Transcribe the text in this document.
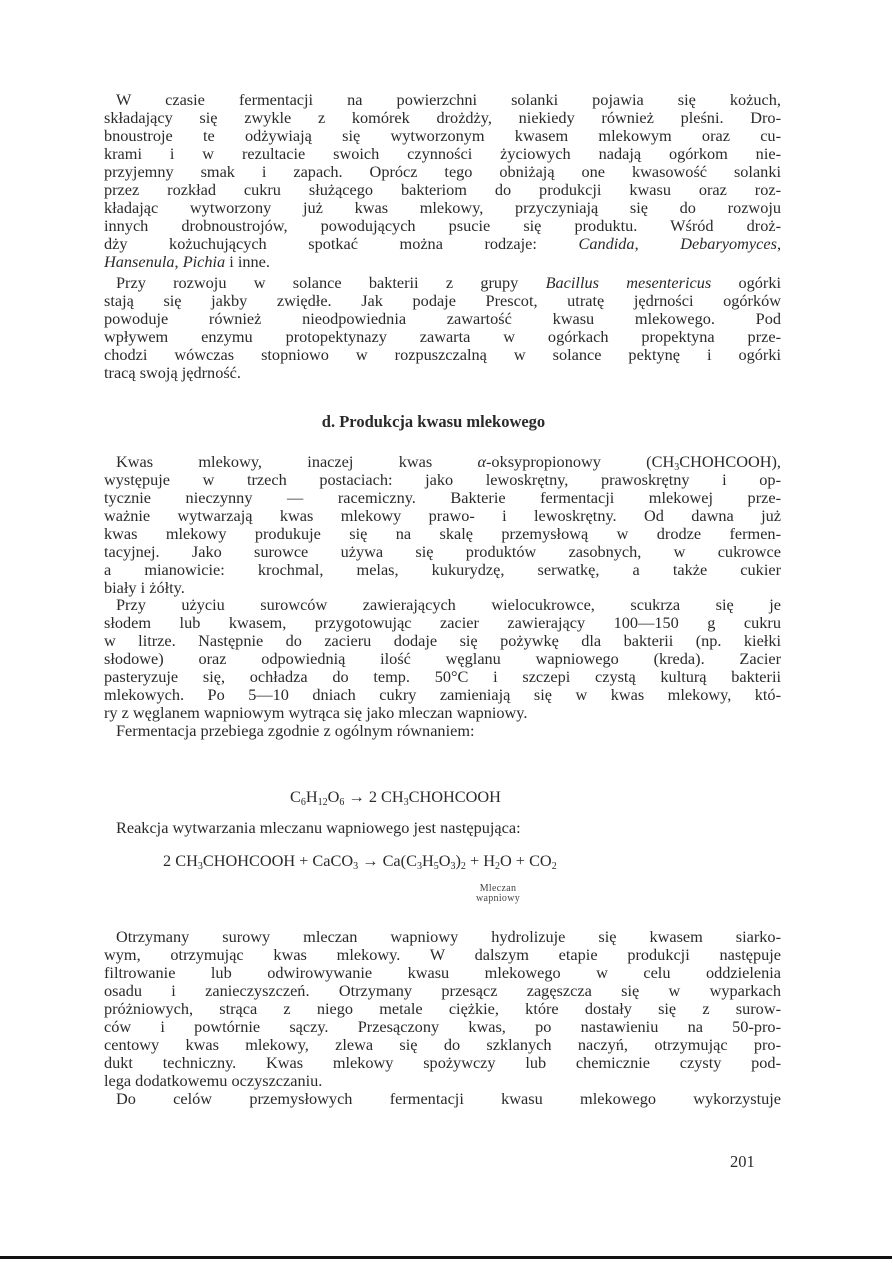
W czasie fermentacji na powierzchni solanki pojawia się kożuch,
składający się zwykle z komórek drożdży, niekiedy również pleśni. Dro-
bnoustroje te odżywiają się wytworzonym kwasem mlekowym oraz cu-
krami i w rezultacie swoich czynności życiowych nadają ogórkom nie-
przyjemny smak i zapach. Oprócz tego obniżają one kwasowość solanki
przez rozkład cukru służącego bakteriom do produkcji kwasu oraz roz-
kładając wytworzony już kwas mlekowy, przyczyniają się do rozwoju
innych drobnoustrojów, powodujących psucie się produktu. Wśród droż-
dży kożuchujących spotkać można rodzaje: Candida, Debaryomyces,
Hansenula, Pichia i inne.
Przy rozwoju w solance bakterii z grupy Bacillus mesentericus ogórki
stają się jakby zwiędłe. Jak podaje Prescot, utratę jędrności ogórków
powoduje również nieodpowiednia zawartość kwasu mlekowego. Pod
wpływem enzymu protopektynazy zawarta w ogórkach propektyna prze-
chodzi wówczas stopniowo w rozpuszczalną w solance pektynę i ogórki
tracą swoją jędrność.
d. Produkcja kwasu mlekowego
Kwas mlekowy, inaczej kwas α-oksypropionowy $(CH_3CHOHCOOH)$,
występuje w trzech postaciach: jako lewoskrętny, prawoskrętny i op-
tycznie nieczynny — racemiczny. Bakterie fermentacji mlekowej prze-
ważnie wytwarzają kwas mlekowy prawo- i lewoskrętny. Od dawna już
kwas mlekowy produkuje się na skalę przemysłową w drodze fermen-
tacyjnej. Jako surowce używa się produktów zasobnych, w cukrowce
a mianowicie: krochmal, melas, kukurydzę, serwatkę, a także cukier
biały i żółty.
Przy użyciu surowców zawierających wielocukrowce, scukrza się je
słodem lub kwasem, przygotowując zacier zawierający 100—150 g cukru
w litrze. Następnie do zacieru dodaje się pożywkę dla bakterii (np. kiełki
słodowe) oraz odpowiednią ilość węglanu wapniowego (kreda). Zacier
pasteryzuje się, ochładza do temp. 50°C i szczepi czystą kulturą bakterii
mlekowych. Po 5—10 dniach cukry zamieniają się w kwas mlekowy, któ-
ry z węglanem wapniowym wytrąca się jako mleczan wapniowy.
Fermentacja przebiega zgodnie z ogólnym równaniem:
$C_6H_{12}O_6 \to 2$ $CH_3CHOHCOOH$
Reakcja wytwarzania mleczanu wapniowego jest następująca:
2 $CH_3CHOHCOOH$ + CaCO$_3$ → $Ca(C_3H_5O_3)_2 + H_2O + CO_2$
Mleczan
wapniowy
Otrzymany surowy mleczan wapniowy hydrolizuje się kwasem siarko-
wym, otrzymując kwas mlekowy. W dalszym etapie produkcji następuje
filtrowanie lub odwirowywanie kwasu mlekowego w celu oddzielenia
osadu i zanieczyszczeń. Otrzymany przesącz zagęszcza się w wyparkach
próżniowych, strąca z niego metale ciężkie, które dostały się z surow-
ców i powtórnie sączy. Przesączony kwas, po nastawieniu na 50-pro-
centowy kwas mlekowy, zlewa się do szklanych naczyń, otrzymując pro-
dukt techniczny. Kwas mlekowy spożywczy lub chemicznie czysty pod-
lega dodatkowemu oczyszczaniu.
Do celów przemysłowych fermentacji kwasu mlekowego wykorzystuje
201
